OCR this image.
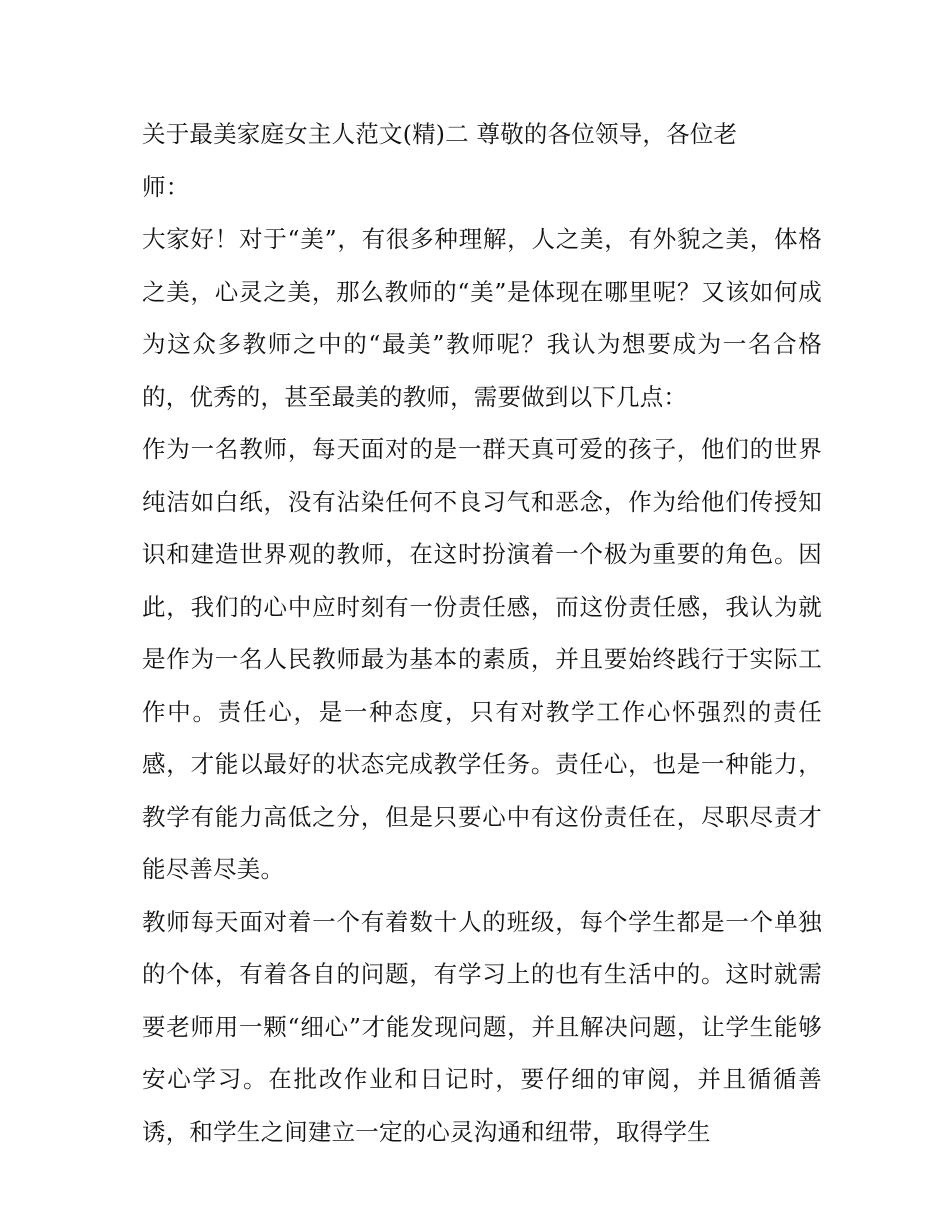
关于最美家庭女主人范文(精)二 尊敬的各位领导，各位老师：

大家好！对于“美”，有很多种理解，人之美，有外貌之美，体格之美，心灵之美，那么教师的“美”是体现在哪里呢？又该如何成为这众多教师之中的“最美”教师呢？我认为想要成为一名合格的，优秀的，甚至最美的教师，需要做到以下几点：

作为一名教师，每天面对的是一群天真可爱的孩子，他们的世界纯洁如白纸，没有沾染任何不良习气和恶念，作为给他们传授知识和建造世界观的教师，在这时扮演着一个极为重要的角色。因此，我们的心中应时刻有一份责任感，而这份责任感，我认为就是作为一名人民教师最为基本的素质，并且要始终践行于实际工作中。责任心，是一种态度，只有对教学工作心怀强烈的责任感，才能以最好的状态完成教学任务。责任心，也是一种能力，教学有能力高低之分，但是只要心中有这份责任在，尽职尽责才能尽善尽美。

教师每天面对着一个有着数十人的班级，每个学生都是一个单独的个体，有着各自的问题，有学习上的也有生活中的。这时就需要老师用一颗“细心”才能发现问题，并且解决问题，让学生能够安心学习。在批改作业和日记时，要仔细的审阅，并且循循善诱，和学生之间建立一定的心灵沟通和纽带，取得学生
